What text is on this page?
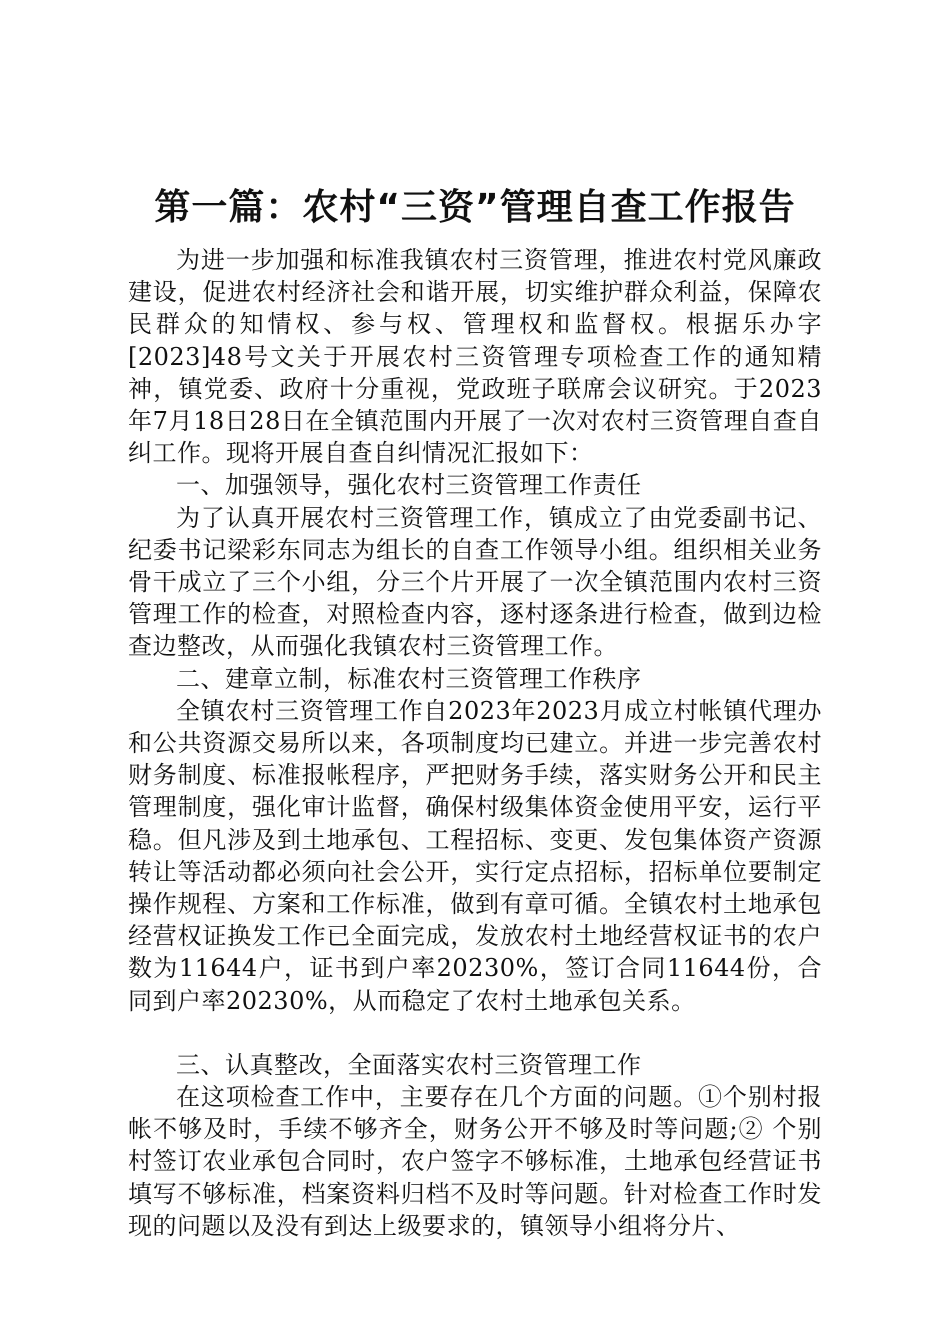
第一篇：农村“三资”管理自查工作报告

为进一步加强和标准我镇农村三资管理，推进农村党风廉政建设，促进农村经济社会和谐开展，切实维护群众利益，保障农民群众的知情权、参与权、管理权和监督权。根据乐办字[2023]48号文关于开展农村三资管理专项检查工作的通知精神，镇党委、政府十分重视，党政班子联席会议研究。于2023年7月18日28日在全镇范围内开展了一次对农村三资管理自查自纠工作。现将开展自查自纠情况汇报如下：

一、加强领导，强化农村三资管理工作责任

为了认真开展农村三资管理工作，镇成立了由党委副书记、纪委书记梁彩东同志为组长的自查工作领导小组。组织相关业务骨干成立了三个小组，分三个片开展了一次全镇范围内农村三资管理工作的检查，对照检查内容，逐村逐条进行检查，做到边检查边整改，从而强化我镇农村三资管理工作。

二、建章立制，标准农村三资管理工作秩序

全镇农村三资管理工作自2023年2023月成立村帐镇代理办和公共资源交易所以来，各项制度均已建立。并进一步完善农村财务制度、标准报帐程序，严把财务手续，落实财务公开和民主管理制度，强化审计监督，确保村级集体资金使用平安，运行平稳。但凡涉及到土地承包、工程招标、变更、发包集体资产资源转让等活动都必须向社会公开，实行定点招标，招标单位要制定操作规程、方案和工作标准，做到有章可循。全镇农村土地承包经营权证换发工作已全面完成，发放农村土地经营权证书的农户数为11644户，证书到户率20230%，签订合同11644份，合同到户率20230%，从而稳定了农村土地承包关系。

三、认真整改，全面落实农村三资管理工作

在这项检查工作中，主要存在几个方面的问题。①个别村报帐不够及时，手续不够齐全，财务公开不够及时等问题;② 个别村签订农业承包合同时，农户签字不够标准，土地承包经营证书填写不够标准，档案资料归档不及时等问题。针对检查工作时发现的问题以及没有到达上级要求的，镇领导小组将分片、
